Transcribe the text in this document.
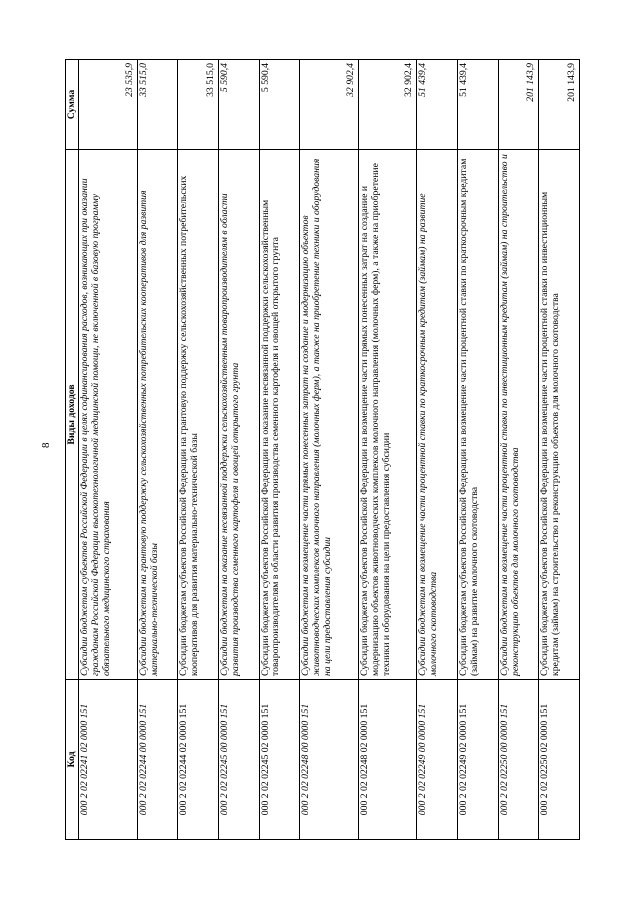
8
Код	Виды доходов	Сумма
000 2 02 02241 02 0000 151	Субсидии бюджетам субъектов Российской Федерации в целях софинансирования расходов, возникающих при оказании гражданам Российской Федерации высокотехнологичной медицинской помощи, не включенной в базовую программу обязательного медицинского страхования	23 535,9
000 2 02 02244 00 0000 151	Субсидии бюджетам на грантовую поддержку сельскохозяйственных потребительских кооперативов для развития материально-технической базы	33 515,0
000 2 02 02244 02 0000 151	Субсидии бюджетам субъектов Российской Федерации на грантовую поддержку сельскохозяйственных потребительских кооперативов для развития материально-технической базы	33 515,0
000 2 02 02245 00 0000 151	Субсидии бюджетам на оказание несвязанной поддержки сельскохозяйственным товаропроизводителям в области развития производства семенного картофеля и овощей открытого грунта	5 590,4
000 2 02 02245 02 0000 151	Субсидии бюджетам субъектов Российской Федерации на оказание несвязанной поддержки сельскохозяйственным товаропроизводителям в области развития производства семенного картофеля и овощей открытого грунта	5 590,4
000 2 02 02248 00 0000 151	Субсидии бюджетам на возмещение части прямых понесенных затрат на создание и модернизацию объектов животноводческих комплексов молочного направления (молочных ферм), а также на приобретение техники и оборудования на цели предоставления субсидии	32 902,4
000 2 02 02248 02 0000 151	Субсидии бюджетам субъектов Российской Федерации на возмещение части прямых понесенных затрат на создание и модернизацию объектов животноводческих комплексов молочного направления (молочных ферм), а также на приобретение техники и оборудования на цели предоставления субсидии	32 902,4
000 2 02 02249 00 0000 151	Субсидии бюджетам на возмещение части процентной ставки по краткосрочным кредитам (займам) на развитие молочного скотоводства	51 439,4
000 2 02 02249 02 0000 151	Субсидии бюджетам субъектов Российской Федерации на возмещение части процентной ставки по краткосрочным кредитам (займам) на развитие молочного скотоводства	51 439,4
000 2 02 02250 00 0000 151	Субсидии бюджетам на возмещение части процентной ставки по инвестиционным кредитам (займам) на строительство и реконструкцию объектов для молочного скотоводства	201 143,9
000 2 02 02250 02 0000 151	Субсидии бюджетам субъектов Российской Федерации на возмещение части процентной ставки по инвестиционным кредитам (займам) на строительство и реконструкцию объектов для молочного скотоводства	201 143,9
